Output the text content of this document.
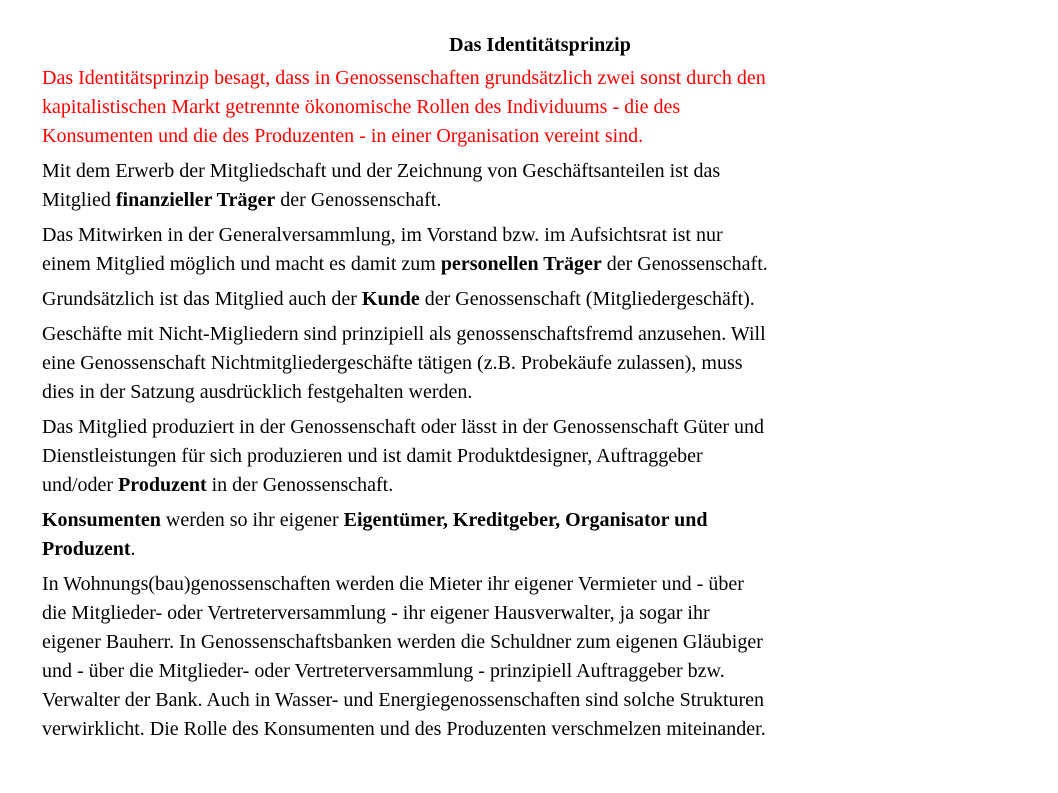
Das Identitätsprinzip
Das Identitätsprinzip besagt, dass in Genossenschaften grundsätzlich zwei sonst durch den
kapitalistischen Markt getrennte ökonomische Rollen des Individuums - die des
Konsumenten und die des Produzenten - in einer Organisation vereint sind.
Mit dem Erwerb der Mitgliedschaft und der Zeichnung von Geschäftsanteilen ist das
Mitglied finanzieller Träger der Genossenschaft.
Das Mitwirken in der Generalversammlung, im Vorstand bzw. im Aufsichtsrat ist nur
einem Mitglied möglich und macht es damit zum personellen Träger der Genossenschaft.
Grundsätzlich ist das Mitglied auch der Kunde der Genossenschaft (Mitgliedergeschäft).
Geschäfte mit Nicht-Migliedern sind prinzipiell als genossenschaftsfremd anzusehen. Will
eine Genossenschaft Nichtmitgliedergeschäfte tätigen (z.B. Probekäufe zulassen), muss
dies in der Satzung ausdrücklich festgehalten werden.
Das Mitglied produziert in der Genossenschaft oder lässt in der Genossenschaft Güter und
Dienstleistungen für sich produzieren und ist damit Produktdesigner, Auftraggeber
und/oder Produzent in der Genossenschaft.
Konsumenten werden so ihr eigener Eigentümer, Kreditgeber, Organisator und
Produzent.
In Wohnungs(bau)genossenschaften werden die Mieter ihr eigener Vermieter und - über
die Mitglieder- oder Vertreterversammlung - ihr eigener Hausverwalter, ja sogar ihr
eigener Bauherr. In Genossenschaftsbanken werden die Schuldner zum eigenen Gläubiger
und - über die Mitglieder- oder Vertreterversammlung - prinzipiell Auftraggeber bzw.
Verwalter der Bank. Auch in Wasser- und Energiegenossenschaften sind solche Strukturen
verwirklicht. Die Rolle des Konsumenten und des Produzenten verschmelzen miteinander.
